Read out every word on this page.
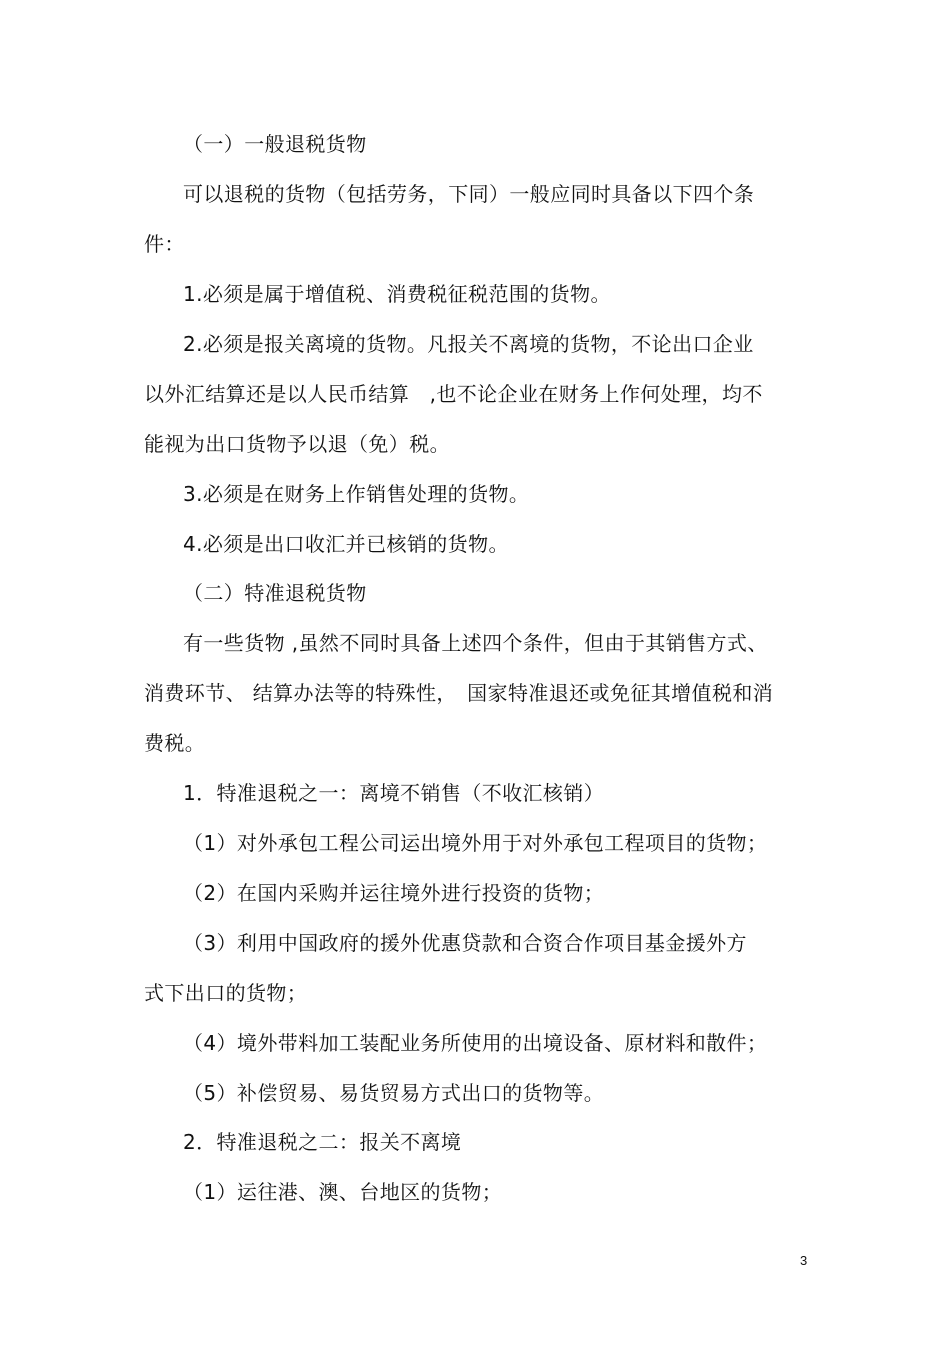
（一）一般退税货物
可以退税的货物（包括劳务，下同）一般应同时具备以下四个条
件：
1.必须是属于增值税、消费税征税范围的货物。
2.必须是报关离境的货物。凡报关不离境的货物，不论出口企业
以外汇结算还是以人民币结算　,也不论企业在财务上作何处理，均不
能视为出口货物予以退（免）税。
3.必须是在财务上作销售处理的货物。
4.必须是出口收汇并已核销的货物。
（二）特准退税货物
有一些货物 ,虽然不同时具备上述四个条件，但由于其销售方式、
消费环节、 结算办法等的特殊性，　国家特准退还或免征其增值税和消
费税。
1．特准退税之一：离境不销售（不收汇核销）
（1）对外承包工程公司运出境外用于对外承包工程项目的货物；
（2）在国内采购并运往境外进行投资的货物；
（3）利用中国政府的援外优惠贷款和合资合作项目基金援外方
式下出口的货物；
（4）境外带料加工装配业务所使用的出境设备、原材料和散件；
（5）补偿贸易、易货贸易方式出口的货物等。
2．特准退税之二：报关不离境
（1）运往港、澳、台地区的货物；
3
